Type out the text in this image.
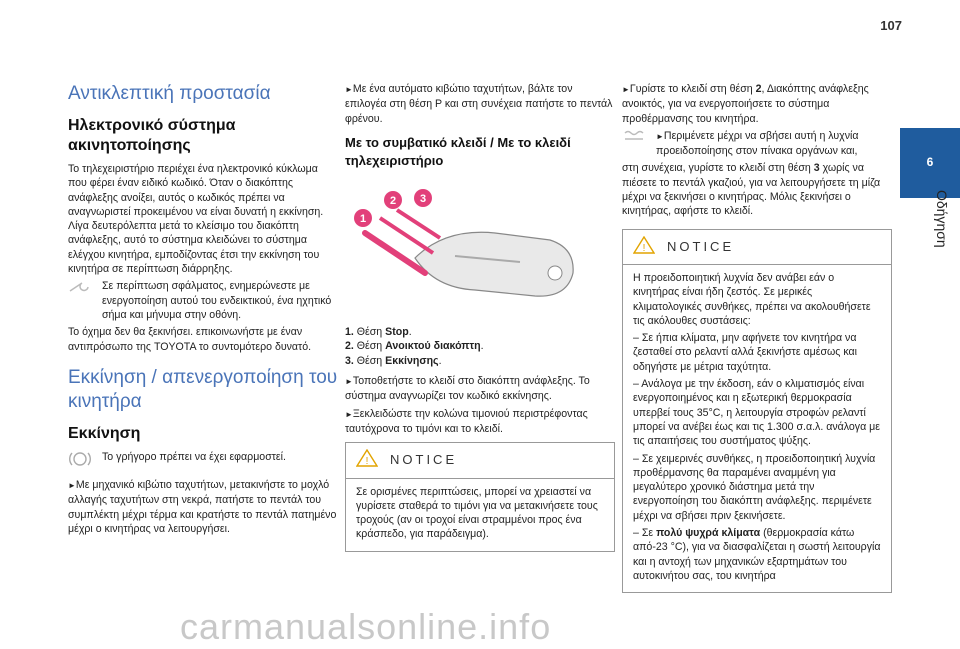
107
6
Οδήγηση
Αντικλεπτική προστασία
Ηλεκτρονικό σύστημα ακινητοποίησης

Το τηλεχειριστήριο περιέχει ένα ηλεκτρονικό κύκλωμα που φέρει έναν ειδικό κωδικό. Όταν ο διακόπτης ανάφλεξης ανοίξει, αυτός ο κωδικός πρέπει να αναγνωριστεί προκειμένου να είναι δυνατή η εκκίνηση. Λίγα δευτερόλεπτα μετά το κλείσιμο του διακόπτη ανάφλεξης, αυτό το σύστημα κλειδώνει το σύστημα ελέγχου κινητήρα, εμποδίζοντας έτσι την εκκίνηση του κινητήρα σε περίπτωση διάρρηξης.

Σε περίπτωση σφάλματος, ενημερώνεστε με ενεργοποίηση αυτού του ενδεικτικού, ένα ηχητικό σήμα και μήνυμα στην οθόνη.

Το όχημα δεν θα ξεκινήσει. επικοινωνήστε με έναν αντιπρόσωπο της TOYOTA το συντομότερο δυνατό.

Εκκίνηση / απενεργοποίηση του κινητήρα
Εκκίνηση

Το γρήγορο πρέπει να έχει εφαρμοστεί.

► Με μηχανικό κιβώτιο ταχυτήτων, μετακινήστε το μοχλό αλλαγής ταχυτήτων στη νεκρά, πατήστε το πεντάλ του συμπλέκτη μέχρι τέρμα και κρατήστε το πεντάλ πατημένο μέχρι ο κινητήρας να λειτουργήσει.

► Με ένα αυτόματο κιβώτιο ταχυτήτων, βάλτε τον επιλογέα στη θέση P και στη συνέχεια πατήστε το πεντάλ φρένου.

Με το συμβατικό κλειδί / Με το κλειδί τηλεχειριστήριο
1
2 3
1. Θέση Stop.
2. Θέση Ανοικτού διακόπτη.
3. Θέση Εκκίνησης.

► Τοποθετήστε το κλειδί στο διακόπτη ανάφλεξης. Το σύστημα αναγνωρίζει τον κωδικό εκκίνησης.

► Ξεκλειδώστε την κολώνα τιμονιού περιστρέφοντας ταυτόχρονα το τιμόνι και το κλειδί.

! NOTICE

Σε ορισμένες περιπτώσεις, μπορεί να χρειαστεί να γυρίσετε σταθερά το τιμόνι για να μετακινήσετε τους τροχούς (αν οι τροχοί είναι στραμμένοι προς ένα κράσπεδο, για παράδειγμα).

► Γυρίστε το κλειδί στη θέση 2, Διακόπτης ανάφλεξης ανοικτός, για να ενεργοποιήσετε το σύστημα προθέρμανσης του κινητήρα.

► Περιμένετε μέχρι να σβήσει αυτή η λυχνία προειδοποίησης στον πίνακα οργάνων και,

στη συνέχεια, γυρίστε το κλειδί στη θέση 3 χωρίς να πιέσετε το πεντάλ γκαζιού, για να λειτουργήσετε τη μίζα μέχρι να ξεκινήσει ο κινητήρας. Μόλις ξεκινήσει ο κινητήρας, αφήστε το κλειδί.

! NOTICE

Η προειδοποιητική λυχνία δεν ανάβει εάν ο κινητήρας είναι ήδη ζεστός. Σε μερικές κλιματολογικές συνθήκες, πρέπει να ακολουθήσετε τις ακόλουθες συστάσεις:

– Σε ήπια κλίματα, μην αφήνετε τον κινητήρα να ζεσταθεί στο ρελαντί αλλά ξεκινήστε αμέσως και οδηγήστε με μέτρια ταχύτητα.

– Ανάλογα με την έκδοση, εάν ο κλιματισμός είναι ενεργοποιημένος και η εξωτερική θερμοκρασία υπερβεί τους 35°C, η λειτουργία στροφών ρελαντί μπορεί να ανέβει έως και τις 1.300 σ.α.λ. ανάλογα με τις απαιτήσεις του συστήματος ψύξης.

– Σε χειμερινές συνθήκες, η προειδοποιητική λυχνία προθέρμανσης θα παραμένει αναμμένη για μεγαλύτερο χρονικό διάστημα μετά την ενεργοποίηση του διακόπτη ανάφλεξης. περιμένετε μέχρι να σβήσει πριν ξεκινήσετε.

– Σε πολύ ψυχρά κλίματα (θερμοκρασία κάτω από-23 °C), για να διασφαλίζεται η σωστή λειτουργία και η αντοχή των μηχανικών εξαρτημάτων του αυτοκινήτου σας, του κινητήρα

carmanualsonline.info
